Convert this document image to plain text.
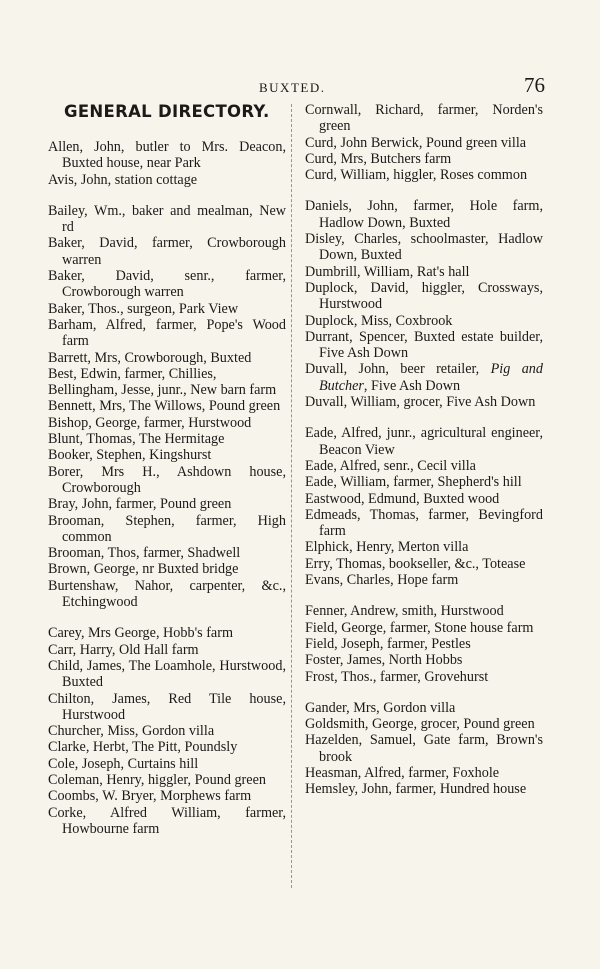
BUXTED.	76
GENERAL DIRECTORY.

Allen, John, butler to Mrs. Deacon, Buxted house, near Park

Avis, John, station cottage

Bailey, Wm., baker and mealman, New rd

Baker, David, farmer, Crowborough warren

Baker, David, senr., farmer, Crowborough warren

Baker, Thos., surgeon, Park View

Barham, Alfred, farmer, Pope's Wood farm

Barrett, Mrs, Crowborough, Buxted

Best, Edwin, farmer, Chillies,

Bellingham, Jesse, junr., New barn farm

Bennett, Mrs, The Willows, Pound green

Bishop, George, farmer, Hurstwood

Blunt, Thomas, The Hermitage

Booker, Stephen, Kingshurst

Borer, Mrs H., Ashdown house, Crowborough

Bray, John, farmer, Pound green

Brooman, Stephen, farmer, High common

Brooman, Thos, farmer, Shadwell

Brown, George, nr Buxted bridge

Burtenshaw, Nahor, carpenter, &c., Etchingwood

Carey, Mrs George, Hobb's farm

Carr, Harry, Old Hall farm

Child, James, The Loamhole, Hurstwood, Buxted

Chilton, James, Red Tile house, Hurstwood

Churcher, Miss, Gordon villa

Clarke, Herbt, The Pitt, Poundsly

Cole, Joseph, Curtains hill

Coleman, Henry, higgler, Pound green

Coombs, W. Bryer, Morphews farm

Corke, Alfred William, farmer, Howbourne farm

Cornwall, Richard, farmer, Norden's green

Curd, John Berwick, Pound green villa

Curd, Mrs, Butchers farm

Curd, William, higgler, Roses common

Daniels, John, farmer, Hole farm, Hadlow Down, Buxted

Disley, Charles, schoolmaster, Hadlow Down, Buxted

Dumbrill, William, Rat's hall

Duplock, David, higgler, Crossways, Hurstwood

Duplock, Miss, Coxbrook

Durrant, Spencer, Buxted estate builder, Five Ash Down

Duvall, John, beer retailer, Pig and Butcher, Five Ash Down

Duvall, William, grocer, Five Ash Down

Eade, Alfred, junr., agricultural engineer, Beacon View

Eade, Alfred, senr., Cecil villa

Eade, William, farmer, Shepherd's hill

Eastwood, Edmund, Buxted wood

Edmeads, Thomas, farmer, Bevingford farm

Elphick, Henry, Merton villa

Erry, Thomas, bookseller, &c., Totease

Evans, Charles, Hope farm

Fenner, Andrew, smith, Hurstwood

Field, George, farmer, Stone house farm

Field, Joseph, farmer, Pestles

Foster, James, North Hobbs

Frost, Thos., farmer, Grovehurst

Gander, Mrs, Gordon villa

Goldsmith, George, grocer, Pound green

Hazelden, Samuel, Gate farm, Brown's brook

Heasman, Alfred, farmer, Foxhole

Hemsley, John, farmer, Hundred house
